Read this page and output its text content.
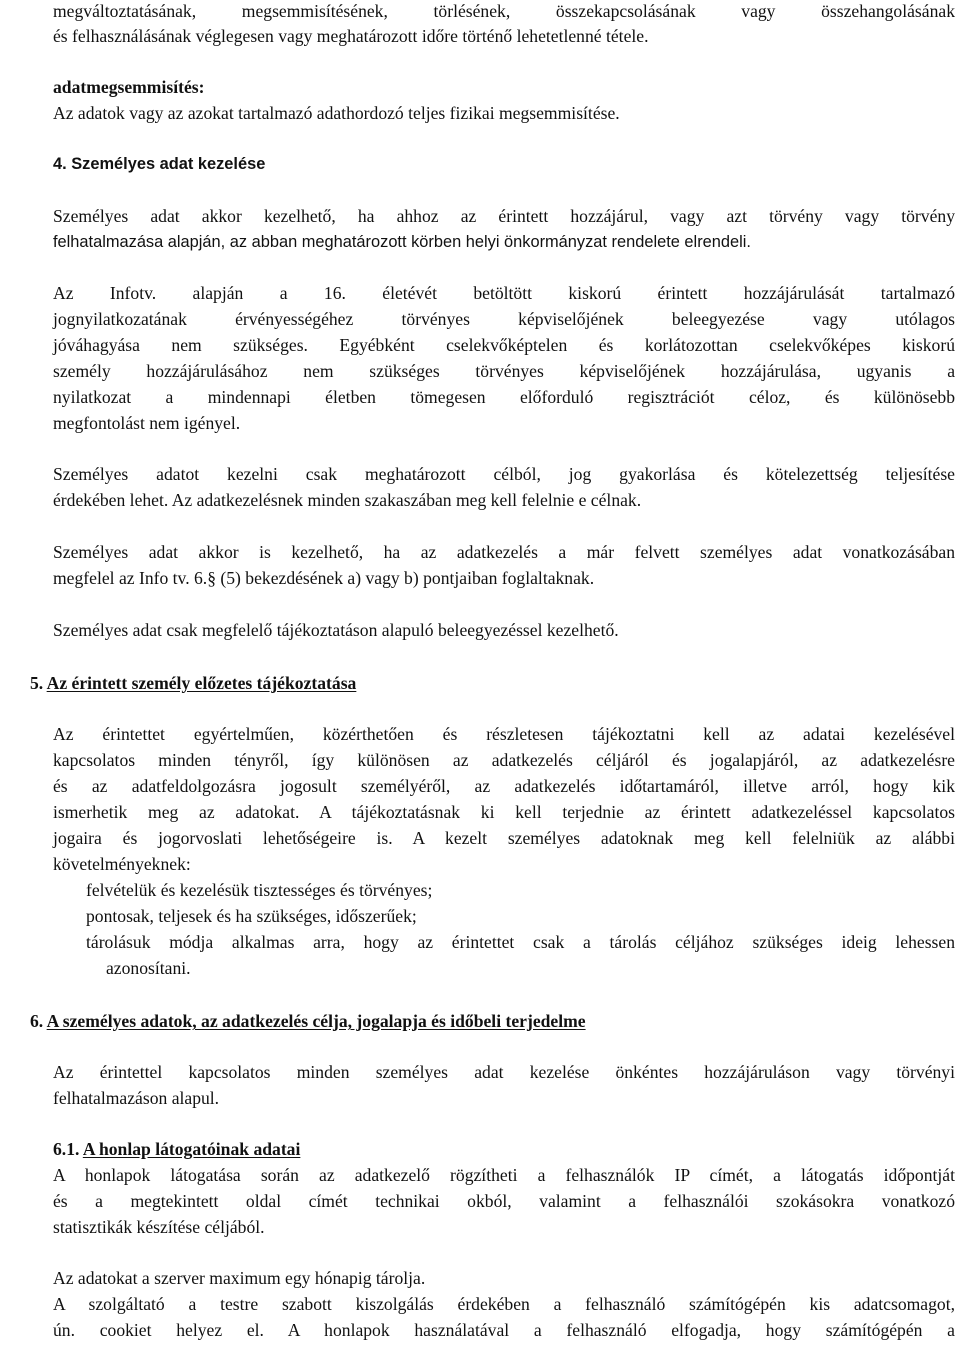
megváltoztatásának, megsemmisítésének, törlésének, összekapcsolásának vagy összehangolásának
és felhasználásának véglegesen vagy meghatározott időre történő lehetetlenné tétele.
adatmegsemmisítés:
Az adatok vagy az azokat tartalmazó adathordozó teljes fizikai megsemmisítése.
4. Személyes adat kezelése
Személyes adat akkor kezelhető, ha ahhoz az érintett hozzájárul, vagy azt törvény vagy törvény
felhatalmazása alapján, az abban meghatározott körben helyi önkormányzat rendelete elrendeli.
Az Infotv. alapján a 16. életévét betöltött kiskorú érintett hozzájárulását tartalmazó
jognyilatkozatának érvényességéhez törvényes képviselőjének beleegyezése vagy utólagos
jóváhagyása nem szükséges. Egyébként cselekvőképtelen és korlátozottan cselekvőképes kiskorú
személy hozzájárulásához nem szükséges törvényes képviselőjének hozzájárulása, ugyanis a
nyilatkozat a mindennapi életben tömegesen előforduló regisztrációt céloz, és különösebb
megfontolást nem igényel.
Személyes adatot kezelni csak meghatározott célból, jog gyakorlása és kötelezettség teljesítése
érdekében lehet. Az adatkezelésnek minden szakaszában meg kell felelnie e célnak.
Személyes adat akkor is kezelhető, ha az adatkezelés a már felvett személyes adat vonatkozásában
megfelel az Info tv. 6.§ (5) bekezdésének a) vagy b) pontjaiban foglaltaknak.
Személyes adat csak megfelelő tájékoztatáson alapuló beleegyezéssel kezelhető.
5. Az érintett személy előzetes tájékoztatása
Az érintettet egyértelműen, közérthetően és részletesen tájékoztatni kell az adatai kezelésével
kapcsolatos minden tényről, így különösen az adatkezelés céljáról és jogalapjáról, az adatkezelésre
és az adatfeldolgozásra jogosult személyéről, az adatkezelés időtartamáról, illetve arról, hogy kik
ismerhetik meg az adatokat. A tájékoztatásnak ki kell terjednie az érintett adatkezeléssel kapcsolatos
jogaira és jogorvoslati lehetőségeire is. A kezelt személyes adatoknak meg kell felelniük az alábbi
követelményeknek:
felvételük és kezelésük tisztességes és törvényes;
pontosak, teljesek és ha szükséges, időszerűek;
tárolásuk módja alkalmas arra, hogy az érintettet csak a tárolás céljához szükséges ideig lehessen
azonosítani.
6. A személyes adatok, az adatkezelés célja, jogalapja és időbeli terjedelme
Az érintettel kapcsolatos minden személyes adat kezelése önkéntes hozzájáruláson vagy törvényi
felhatalmazáson alapul.
6.1. A honlap látogatóinak adatai
A honlapok látogatása során az adatkezelő rögzítheti a felhasználók IP címét, a látogatás időpontját
és a megtekintett oldal címét technikai okból, valamint a felhasználói szokásokra vonatkozó
statisztikák készítése céljából.
Az adatokat a szerver maximum egy hónapig tárolja.
A szolgáltató a testre szabott kiszolgálás érdekében a felhasználó számítógépén kis adatcsomagot,
ún. cookiet helyez el. A honlapok használatával a felhasználó elfogadja, hogy számítógépén a
